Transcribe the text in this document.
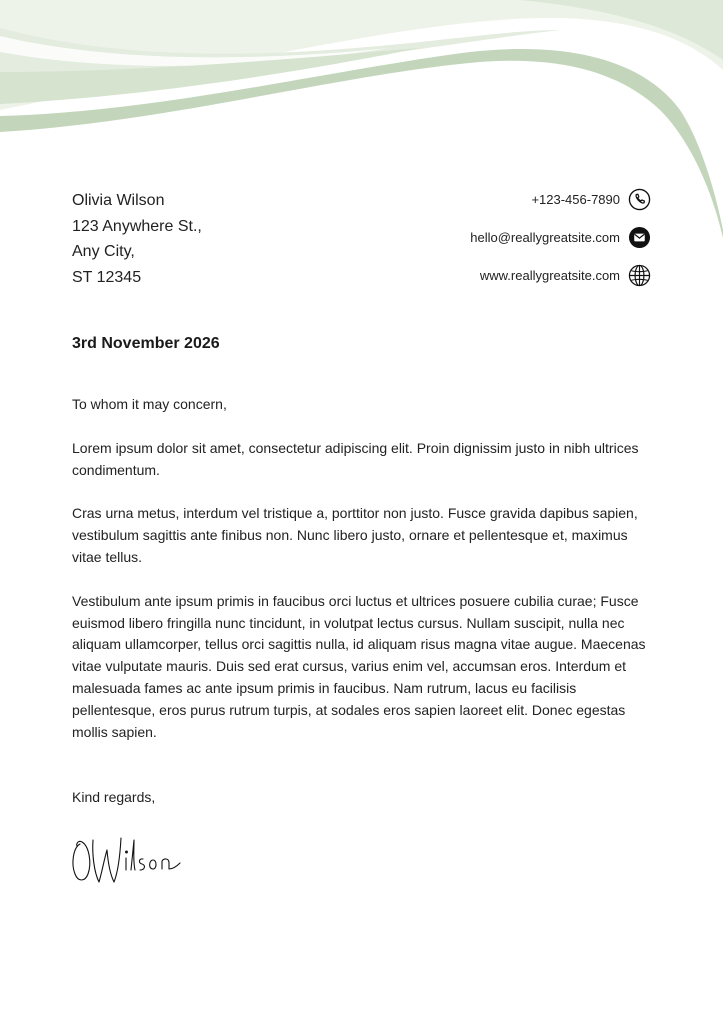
Olivia Wilson
123 Anywhere St.,
Any City,
ST 12345
+123-456-7890
hello@reallygreatsite.com
www.reallygreatsite.com
3rd November 2026

To whom it may concern,

Lorem ipsum dolor sit amet, consectetur adipiscing elit. Proin dignissim justo in nibh ultrices condimentum.

Cras urna metus, interdum vel tristique a, porttitor non justo. Fusce gravida dapibus sapien, vestibulum sagittis ante finibus non. Nunc libero justo, ornare et pellentesque et, maximus vitae tellus.

Vestibulum ante ipsum primis in faucibus orci luctus et ultrices posuere cubilia curae; Fusce euismod libero fringilla nunc tincidunt, in volutpat lectus cursus. Nullam suscipit, nulla nec aliquam ullamcorper, tellus orci sagittis nulla, id aliquam risus magna vitae augue. Maecenas vitae vulputate mauris. Duis sed erat cursus, varius enim vel, accumsan eros. Interdum et malesuada fames ac ante ipsum primis in faucibus. Nam rutrum, lacus eu facilisis pellentesque, eros purus rutrum turpis, at sodales eros sapien laoreet elit. Donec egestas mollis sapien.

Kind regards,
